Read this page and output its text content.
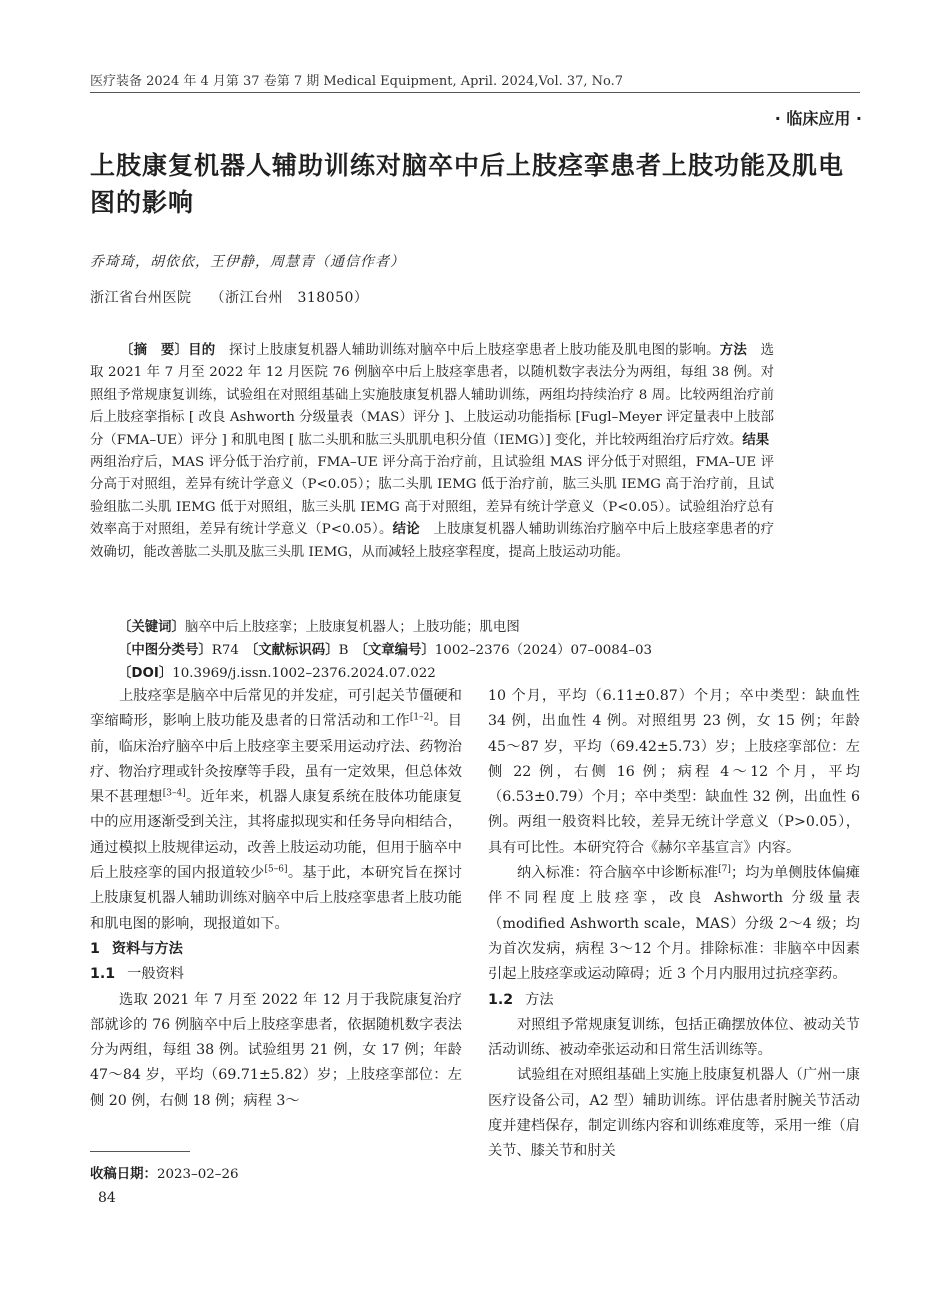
医疗装备 2024 年 4 月第 37 卷第 7 期 Medical Equipment, April. 2024,Vol. 37, No.7
· 临床应用 ·
上肢康复机器人辅助训练对脑卒中后上肢痉挛患者上肢功能及肌电图的影响
乔琦琦，胡依依，王伊静，周慧青（通信作者）
浙江省台州医院 （浙江台州　318050）

〔摘　要〕目的　探讨上肢康复机器人辅助训练对脑卒中后上肢痉挛患者上肢功能及肌电图的影响。方法　选取 2021 年 7 月至 2022 年 12 月医院 76 例脑卒中后上肢痉挛患者，以随机数字表法分为两组，每组 38 例。对照组予常规康复训练，试验组在对照组基础上实施肢康复机器人辅助训练，两组均持续治疗 8 周。比较两组治疗前后上肢痉挛指标 [ 改良 Ashworth 分级量表（MAS）评分 ]、上肢运动功能指标 [Fugl–Meyer 评定量表中上肢部分（FMA–UE）评分 ] 和肌电图 [ 肱二头肌和肱三头肌肌电积分值（IEMG）] 变化，并比较两组治疗后疗效。结果　两组治疗后，MAS 评分低于治疗前，FMA–UE 评分高于治疗前，且试验组 MAS 评分低于对照组，FMA–UE 评分高于对照组，差异有统计学意义（P<0.05）；肱二头肌 IEMG 低于治疗前，肱三头肌 IEMG 高于治疗前，且试验组肱二头肌 IEMG 低于对照组，肱三头肌 IEMG 高于对照组，差异有统计学意义（P<0.05）。试验组治疗总有效率高于对照组，差异有统计学意义（P<0.05）。结论　上肢康复机器人辅助训练治疗脑卒中后上肢痉挛患者的疗效确切，能改善肱二头肌及肱三头肌 IEMG，从而减轻上肢痉挛程度，提高上肢运动功能。

〔关键词〕脑卒中后上肢痉挛；上肢康复机器人；上肢功能；肌电图
〔中图分类号〕R74 〔文献标识码〕B 〔文章编号〕1002–2376（2024）07–0084–03
〔DOI〕10.3969/j.issn.1002–2376.2024.07.022

上肢痉挛是脑卒中后常见的并发症，可引起关节僵硬和挛缩畸形，影响上肢功能及患者的日常活动和工作[1–2]。目前，临床治疗脑卒中后上肢痉挛主要采用运动疗法、药物治疗、物治疗理或针灸按摩等手段，虽有一定效果，但总体效果不甚理想[3–4]。近年来，机器人康复系统在肢体功能康复中的应用逐渐受到关注，其将虚拟现实和任务导向相结合，通过模拟上肢规律运动，改善上肢运动功能，但用于脑卒中后上肢痉挛的国内报道较少[5–6]。基于此，本研究旨在探讨上肢康复机器人辅助训练对脑卒中后上肢痉挛患者上肢功能和肌电图的影响，现报道如下。

1 资料与方法

1.1 一般资料

选取 2021 年 7 月至 2022 年 12 月于我院康复治疗部就诊的 76 例脑卒中后上肢痉挛患者，依据随机数字表法分为两组，每组 38 例。试验组男 21 例，女 17 例；年龄 47～84 岁，平均（69.71±5.82）岁；上肢痉挛部位：左侧 20 例，右侧 18 例；病程 3～

10 个月，平均（6.11±0.87）个月；卒中类型：缺血性 34 例，出血性 4 例。对照组男 23 例，女 15 例；年龄 45～87 岁，平均（69.42±5.73）岁；上肢痉挛部位：左侧 22 例，右侧 16 例；病程 4～12 个月，平均（6.53±0.79）个月；卒中类型：缺血性 32 例，出血性 6 例。两组一般资料比较，差异无统计学意义（P>0.05），具有可比性。本研究符合《赫尔辛基宣言》内容。

纳入标准：符合脑卒中诊断标准[7]；均为单侧肢体偏瘫伴不同程度上肢痉挛，改良 Ashworth 分级量表（modified Ashworth scale，MAS）分级 2～4 级；均为首次发病，病程 3～12 个月。排除标准：非脑卒中因素引起上肢痉挛或运动障碍；近 3 个月内服用过抗痉挛药。

1.2 方法

对照组予常规康复训练，包括正确摆放体位、被动关节活动训练、被动牵张运动和日常生活训练等。

试验组在对照组基础上实施上肢康复机器人（广州一康医疗设备公司，A2 型）辅助训练。评估患者肘腕关节活动度并建档保存，制定训练内容和训练难度等，采用一维（肩关节、膝关节和肘关

收稿日期：2023–02–26
84
